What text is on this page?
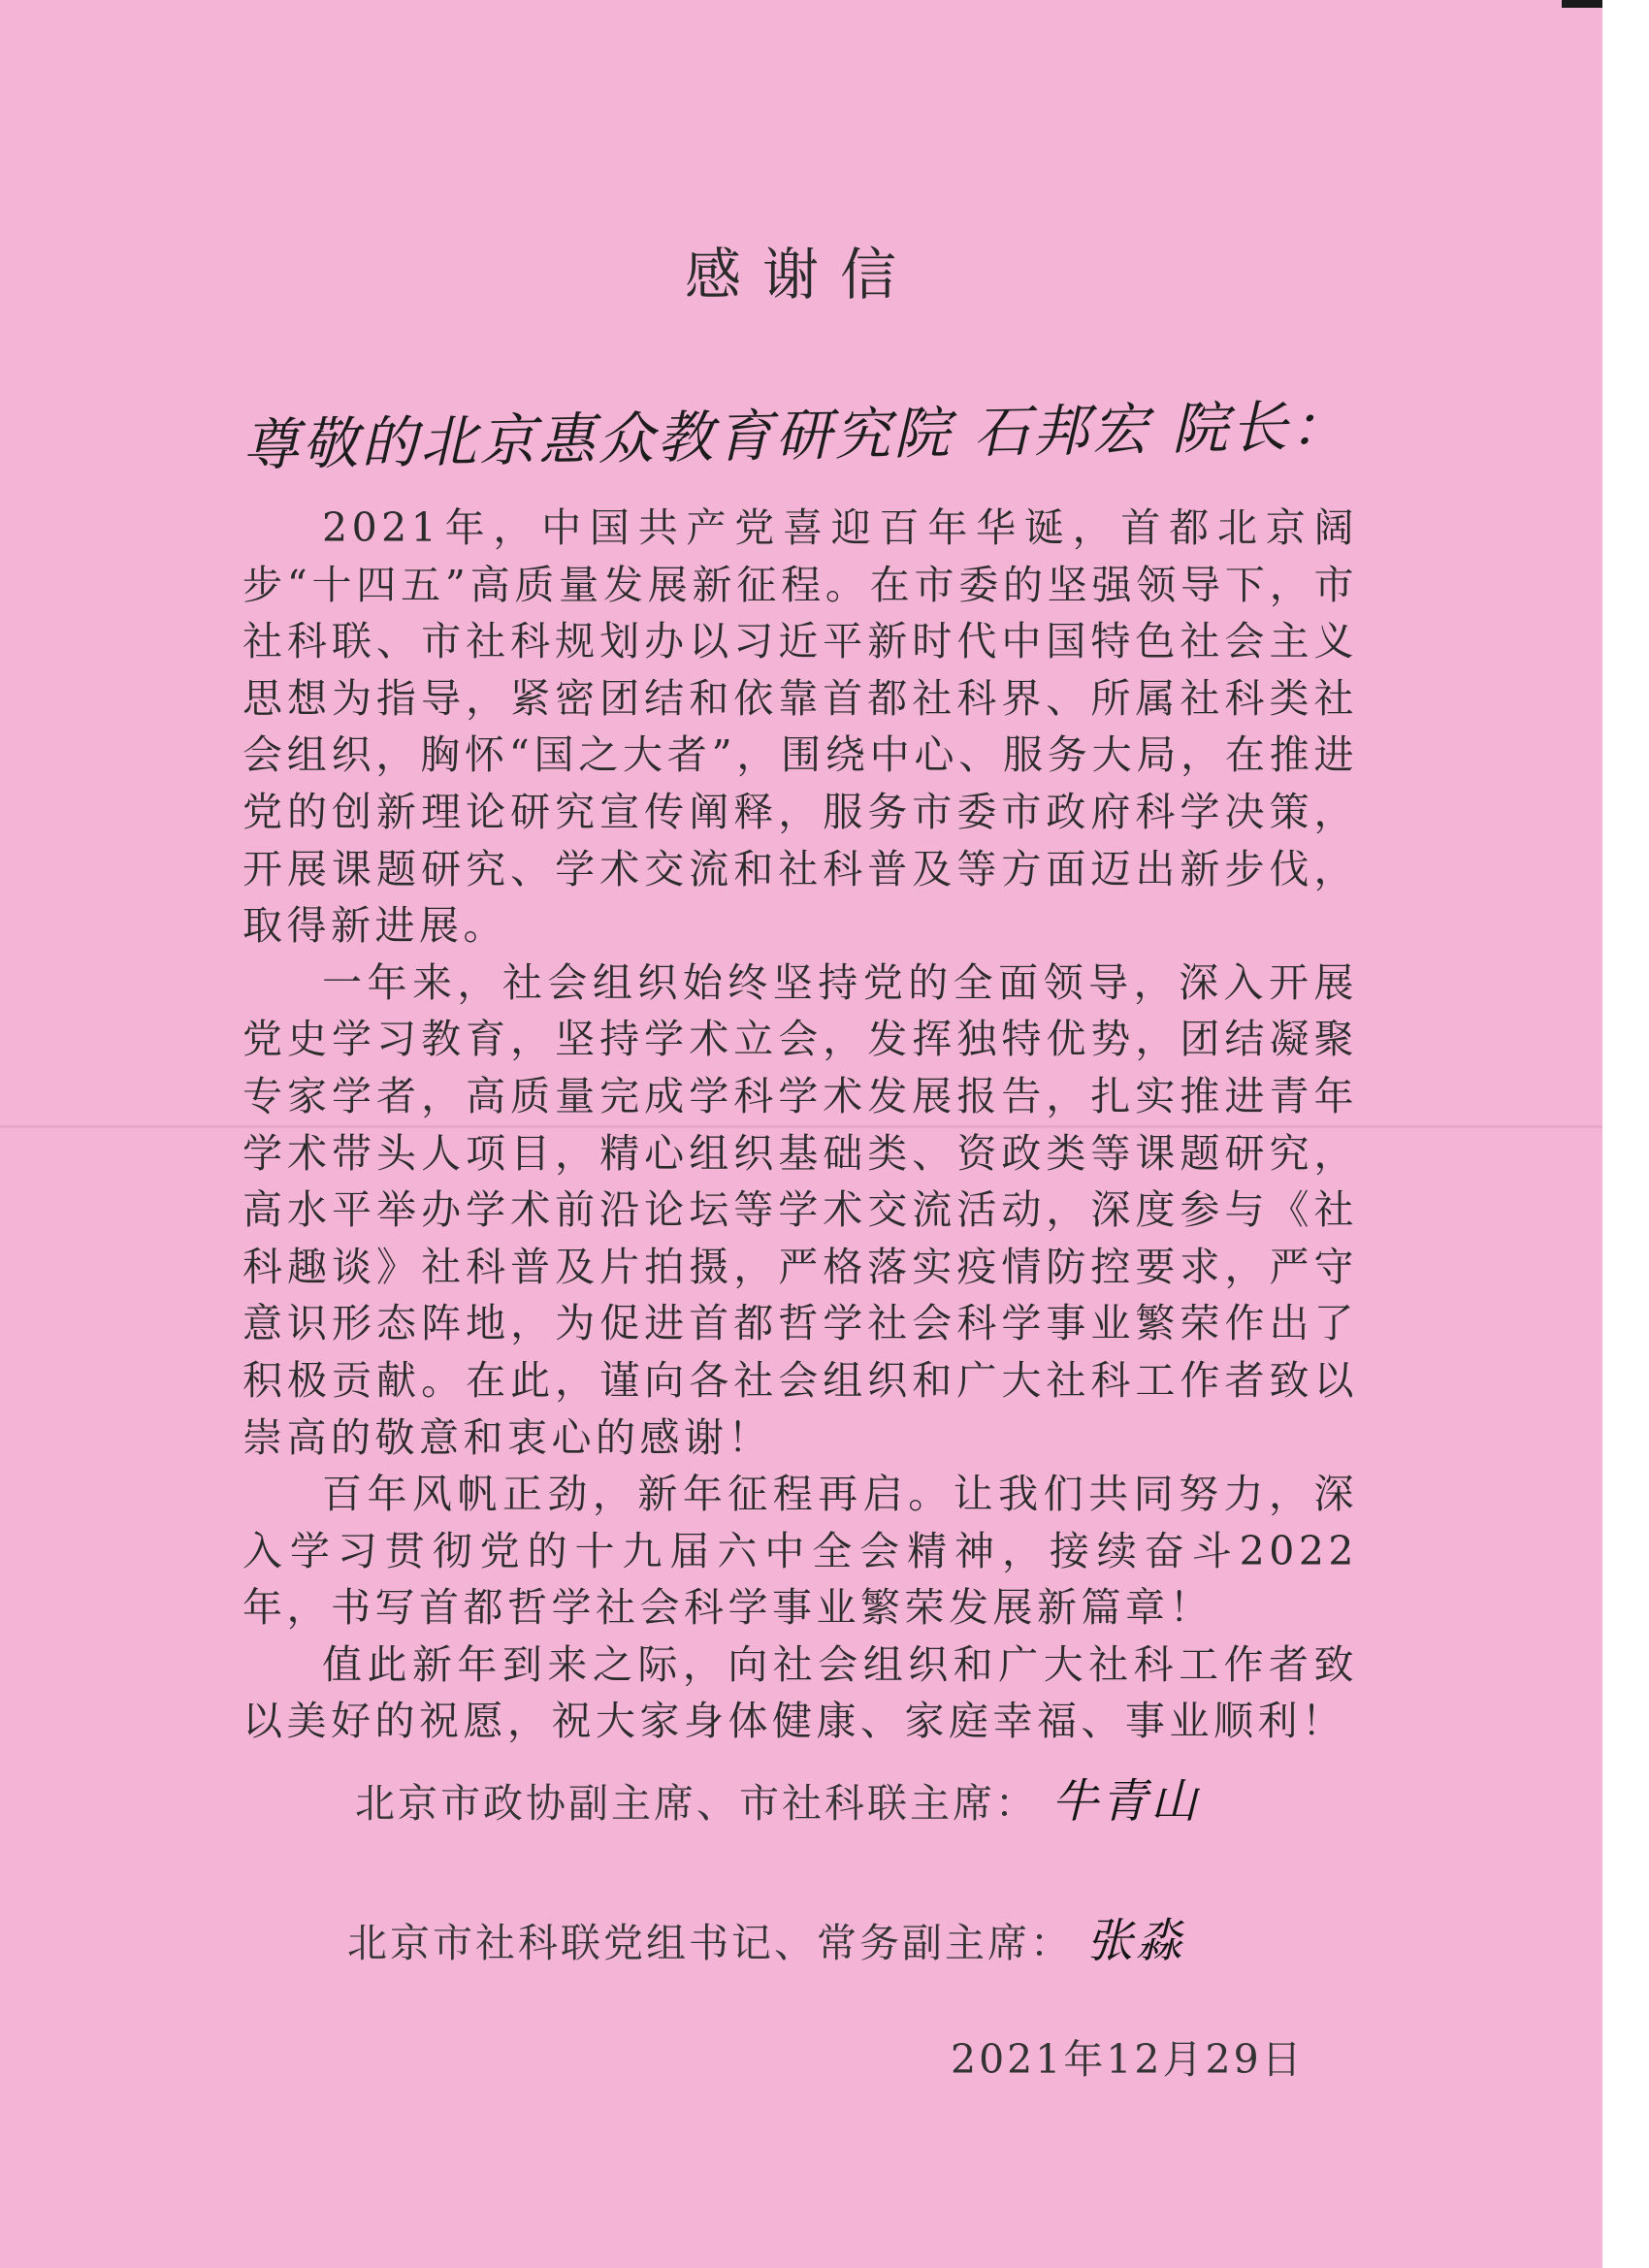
感谢信
尊敬的北京惠众教育研究院 石邦宏 院长：

2021年，中国共产党喜迎百年华诞，首都北京阔步“十四五”高质量发展新征程。在市委的坚强领导下，市社科联、市社科规划办以习近平新时代中国特色社会主义思想为指导，紧密团结和依靠首都社科界、所属社科类社会组织，胸怀“国之大者”，围绕中心、服务大局，在推进党的创新理论研究宣传阐释，服务市委市政府科学决策，开展课题研究、学术交流和社科普及等方面迈出新步伐，取得新进展。

一年来，社会组织始终坚持党的全面领导，深入开展党史学习教育，坚持学术立会，发挥独特优势，团结凝聚专家学者，高质量完成学科学术发展报告，扎实推进青年学术带头人项目，精心组织基础类、资政类等课题研究，高水平举办学术前沿论坛等学术交流活动，深度参与《社科趣谈》社科普及片拍摄，严格落实疫情防控要求，严守意识形态阵地，为促进首都哲学社会科学事业繁荣作出了积极贡献。在此，谨向各社会组织和广大社科工作者致以崇高的敬意和衷心的感谢！

百年风帆正劲，新年征程再启。让我们共同努力，深入学习贯彻党的十九届六中全会精神，接续奋斗2022年，书写首都哲学社会科学事业繁荣发展新篇章！

值此新年到来之际，向社会组织和广大社科工作者致以美好的祝愿，祝大家身体健康、家庭幸福、事业顺利！

北京市政协副主席、市社科联主席： 牛青山
北京市社科联党组书记、常务副主席： 张淼
2021年12月29日
